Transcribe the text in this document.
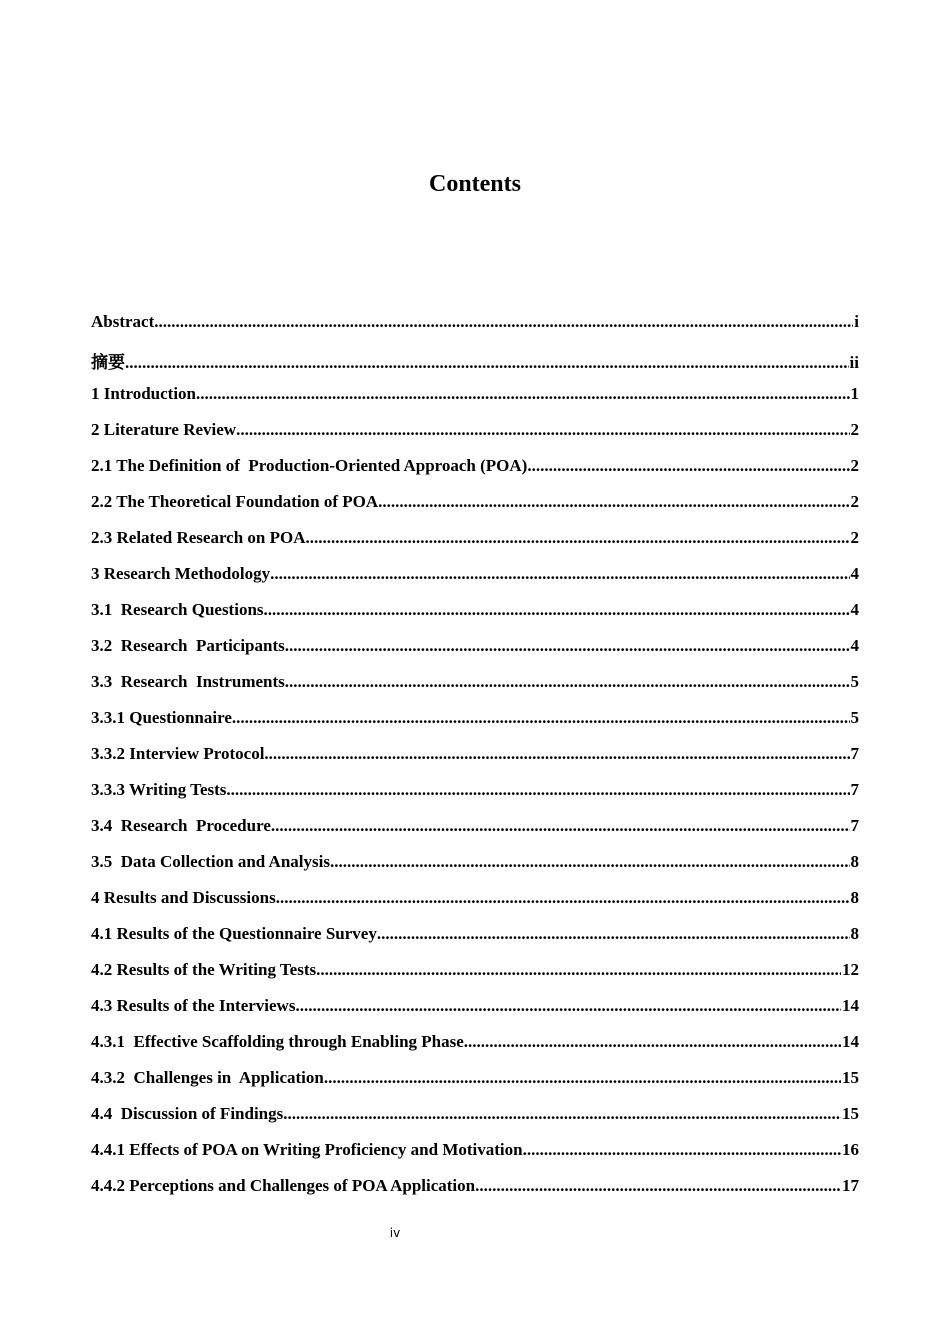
Contents
Abstract .....	i
摘要 .....	ii
1 Introduction .....	1
2 Literature Review .....	2
2.1 The Definition of  Production-Oriented Approach (POA) .....	2
2.2 The Theoretical Foundation of POA .....	2
2.3 Related Research on POA .....	2
3 Research Methodology .....	4
3.1  Research Questions .....	4
3.2  Research  Participants .....	4
3.3  Research  Instruments .....	5
3.3.1 Questionnaire .....	5
3.3.2 Interview Protocol .....	7
3.3.3 Writing Tests .....	7
3.4  Research  Procedure .....	7
3.5  Data Collection and Analysis .....	8
4 Results and Discussions .....	8
4.1 Results of the Questionnaire Survey .....	8
4.2 Results of the Writing Tests .....	12
4.3 Results of the Interviews .....	14
4.3.1  Effective Scaffolding through Enabling Phase .....	14
4.3.2  Challenges in  Application .....	15
4.4  Discussion of Findings .....	15
4.4.1 Effects of POA on Writing Proficiency and Motivation .....	16
4.4.2 Perceptions and Challenges of POA Application .....	17
iv
